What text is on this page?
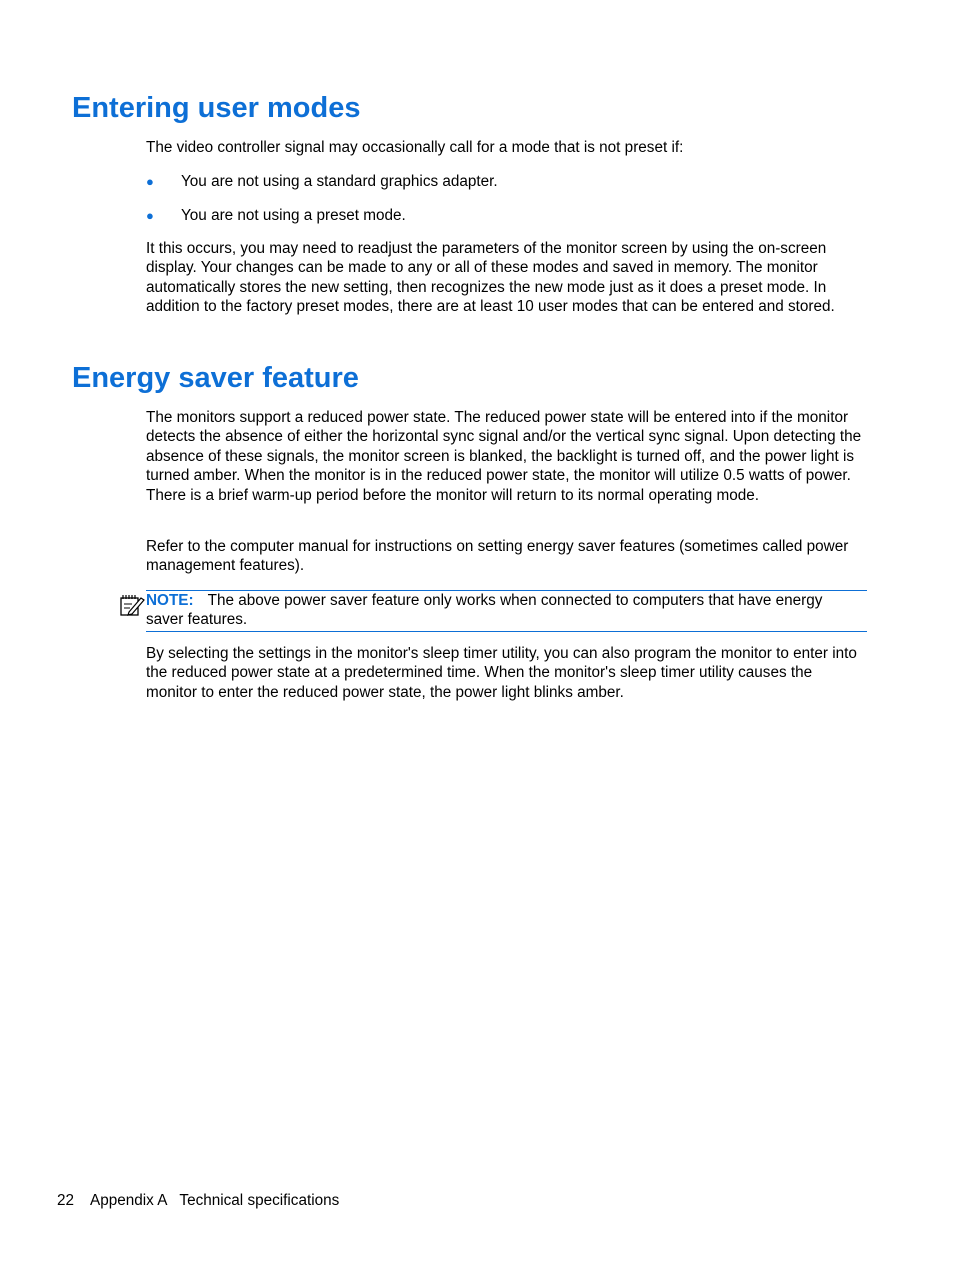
Entering user modes

The video controller signal may occasionally call for a mode that is not preset if:

● You are not using a standard graphics adapter.
● You are not using a preset mode.

It this occurs, you may need to readjust the parameters of the monitor screen by using the on-screen display. Your changes can be made to any or all of these modes and saved in memory. The monitor automatically stores the new setting, then recognizes the new mode just as it does a preset mode. In addition to the factory preset modes, there are at least 10 user modes that can be entered and stored.

Energy saver feature

The monitors support a reduced power state. The reduced power state will be entered into if the monitor detects the absence of either the horizontal sync signal and/or the vertical sync signal. Upon detecting the absence of these signals, the monitor screen is blanked, the backlight is turned off, and the power light is turned amber. When the monitor is in the reduced power state, the monitor will utilize 0.5 watts of power. There is a brief warm-up period before the monitor will return to its normal operating mode.

Refer to the computer manual for instructions on setting energy saver features (sometimes called power management features).

NOTE: The above power saver feature only works when connected to computers that have energy saver features.

By selecting the settings in the monitor's sleep timer utility, you can also program the monitor to enter into the reduced power state at a predetermined time. When the monitor's sleep timer utility causes the monitor to enter the reduced power state, the power light blinks amber.

22 Appendix A Technical specifications
